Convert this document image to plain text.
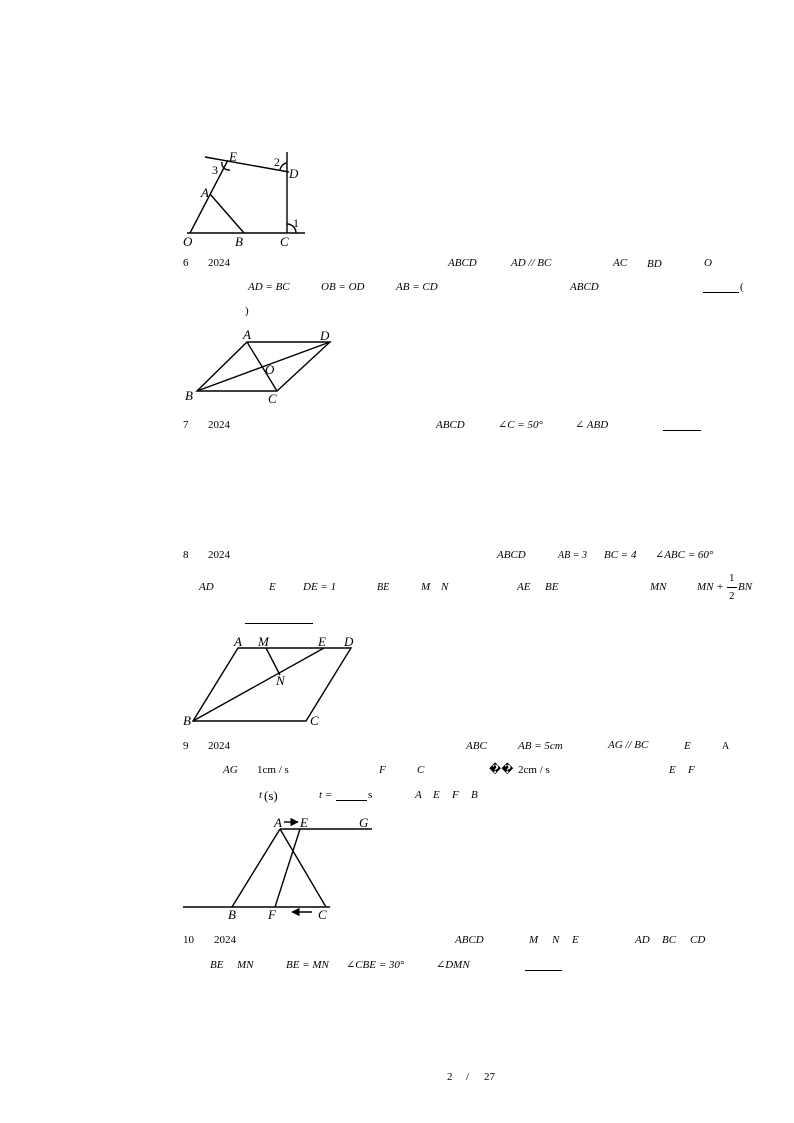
E	2
3	D
A
1
O	B	C
6 2024	ABCD	AD // BC	AC BD	O
AD = BC	OB = OD	AB = CD	ABCD	(
)
A	D
O
B	C
7 2024	ABCD	∠C = 50°	∠ ABD
8 2024	ABCD	AB = 3 BC = 4 ∠ABC = 60°
AD	E DE = 1	BE	M N	AE BE	MN	MN +
1
2
BN
A M	E D
N
B	C
9 2024	ABC	AB = 5cm	AG // BC	E	A
AG 1cm / s	F	C	�� 2cm / s	E F
t (s)	t =	s	A E F B
A E	G
B F	C
10 2024	ABCD	M N E	AD BC CD
BE MN	BE = MN ∠CBE = 30°	∠DMN
2 / 27
